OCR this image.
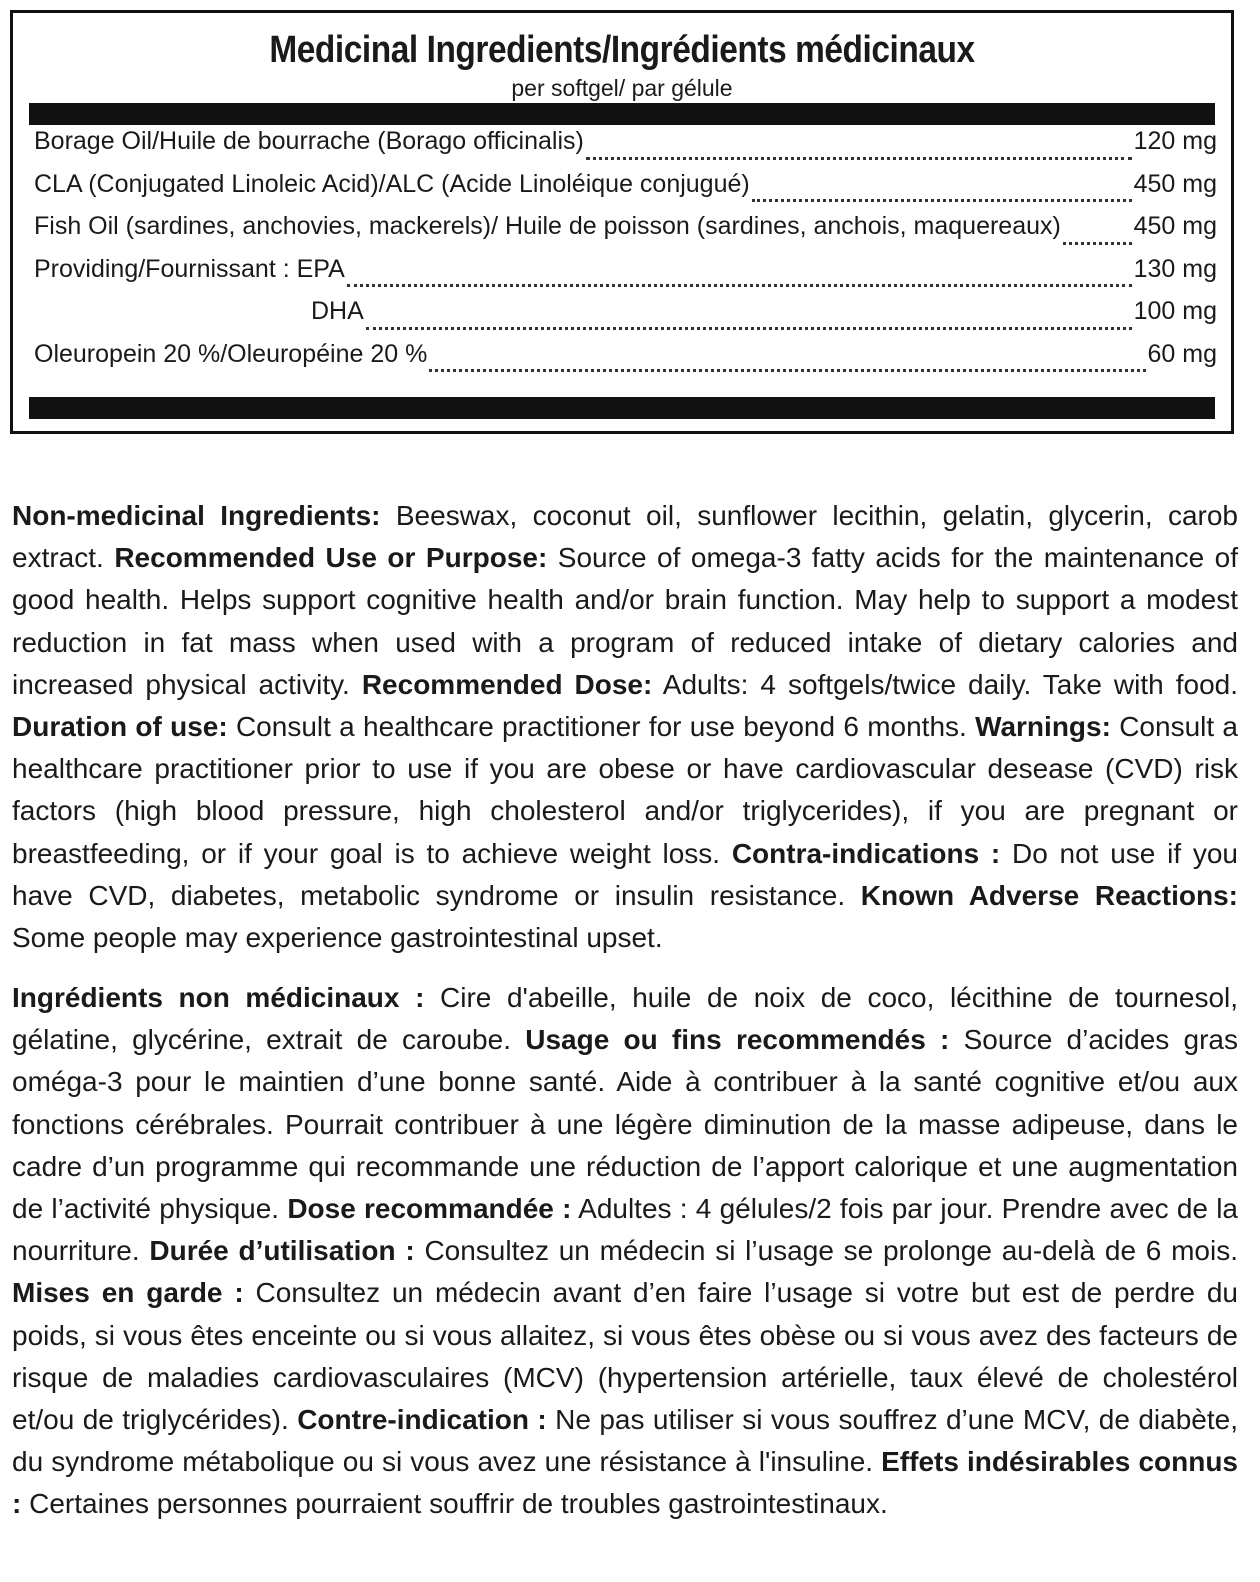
Medicinal Ingredients/Ingrédients médicinaux
per softgel/ par gélule
Borage Oil/Huile de bourrache (Borago officinalis)	120 mg
CLA (Conjugated Linoleic Acid)/ALC (Acide Linoléique conjugué)	450 mg
Fish Oil (sardines, anchovies, mackerels)/ Huile de poisson (sardines, anchois, maquereaux)	450 mg
Providing/Fournissant : EPA	130 mg
DHA	100 mg
Oleuropein 20 %/Oleuropéine 20 %	60 mg
Non-medicinal Ingredients: Beeswax, coconut oil, sunflower lecithin, gelatin, glycerin, carob extract. Recommended Use or Purpose: Source of omega-3 fatty acids for the maintenance of good health. Helps support cognitive health and/or brain function. May help to support a modest reduction in fat mass when used with a program of reduced intake of dietary calories and increased physical activity. Recommended Dose: Adults: 4 softgels/twice daily. Take with food. Duration of use: Consult a healthcare practitioner for use beyond 6 months. Warnings: Consult a healthcare practitioner prior to use if you are obese or have cardiovascular desease (CVD) risk factors (high blood pressure, high cholesterol and/or triglycerides), if you are pregnant or breastfeeding, or if your goal is to achieve weight loss. Contra-indications : Do not use if you have CVD, diabetes, metabolic syndrome or insulin resistance. Known Adverse Reactions: Some people may experience gastrointestinal upset.
Ingrédients non médicinaux : Cire d'abeille, huile de noix de coco, lécithine de tournesol, gélatine, glycérine, extrait de caroube. Usage ou fins recommendés : Source d’acides gras oméga-3 pour le maintien d’une bonne santé. Aide à contribuer à la santé cognitive et/ou aux fonctions cérébrales. Pourrait contribuer à une légère diminution de la masse adipeuse, dans le cadre d’un programme qui recommande une réduction de l’apport calorique et une augmentation de l’activité physique. Dose recommandée : Adultes : 4 gélules/2 fois par jour. Prendre avec de la nourriture. Durée d’utilisation : Consultez un médecin si l’usage se prolonge au-delà de 6 mois. Mises en garde : Consultez un médecin avant d’en faire l’usage si votre but est de perdre du poids, si vous êtes enceinte ou si vous allaitez, si vous êtes obèse ou si vous avez des facteurs de risque de maladies cardiovasculaires (MCV) (hypertension artérielle, taux élevé de cholestérol et/ou de triglycérides). Contre-indication : Ne pas utiliser si vous souffrez d’une MCV, de diabète, du syndrome métabolique ou si vous avez une résistance à l'insuline. Effets indésirables connus : Certaines personnes pourraient souffrir de troubles gastrointestinaux.
